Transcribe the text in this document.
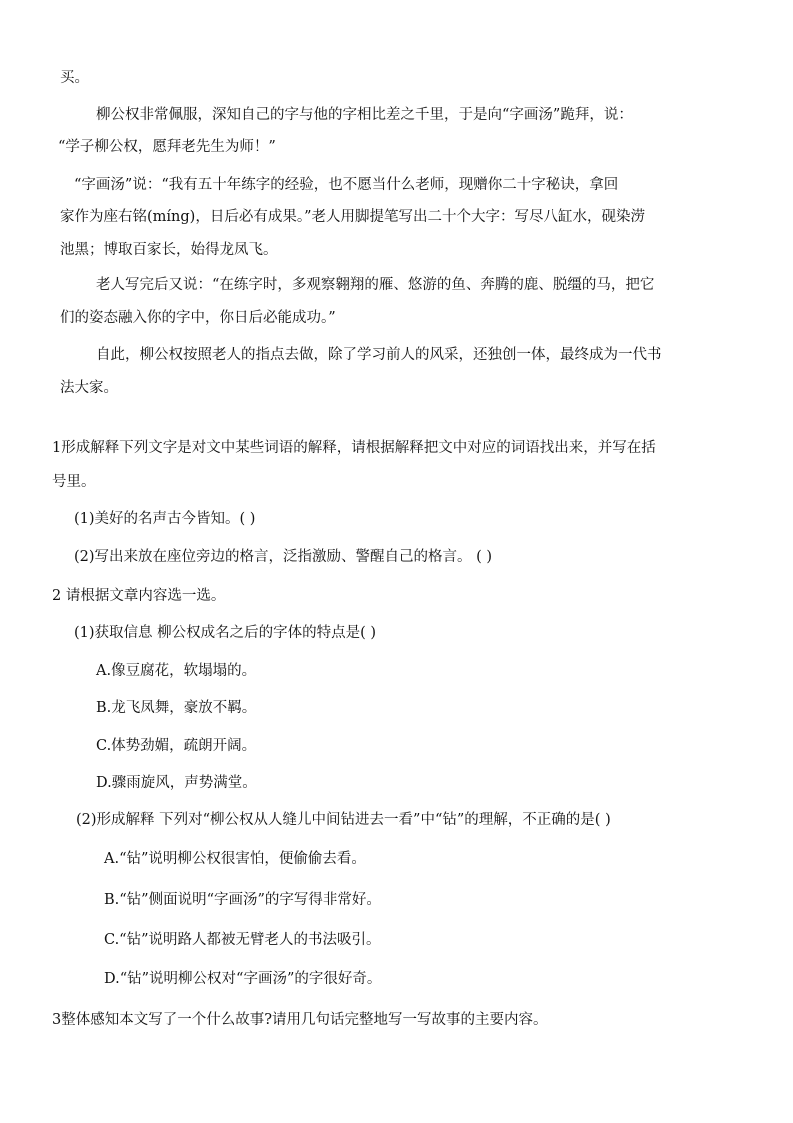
买。
柳公权非常佩服，深知自己的字与他的字相比差之千里，于是向“字画汤”跪拜，说：
“学子柳公权，愿拜老先生为师！”
“字画汤”说：“我有五十年练字的经验，也不愿当什么老师，现赠你二十字秘诀，拿回
家作为座右铭(míng)，日后必有成果。”老人用脚提笔写出二十个大字：写尽八缸水，砚染涝
池黑；博取百家长，始得龙凤飞。
老人写完后又说：“在练字时，多观察翱翔的雁、悠游的鱼、奔腾的鹿、脱缰的马，把它
们的姿态融入你的字中，你日后必能成功。”
自此，柳公权按照老人的指点去做，除了学习前人的风采，还独创一体，最终成为一代书
法大家。
1形成解释下列文字是对文中某些词语的解释，请根据解释把文中对应的词语找出来，并写在括
号里。
(1)美好的名声古今皆知。( )
(2)写出来放在座位旁边的格言，泛指激励、警醒自己的格言。 ( )
2 请根据文章内容选一选。
(1)获取信息 柳公权成名之后的字体的特点是( )
A.像豆腐花，软塌塌的。
B.龙飞凤舞，豪放不羁。
C.体势劲媚，疏朗开阔。
D.骤雨旋风，声势满堂。
(2)形成解释 下列对“柳公权从人缝儿中间钻进去一看”中“钻”的理解，不正确的是( )
A.“钻”说明柳公权很害怕，便偷偷去看。
B.“钻”侧面说明“字画汤”的字写得非常好。
C.“钻”说明路人都被无臂老人的书法吸引。
D.“钻”说明柳公权对“字画汤”的字很好奇。
3整体感知本文写了一个什么故事?请用几句话完整地写一写故事的主要内容。
